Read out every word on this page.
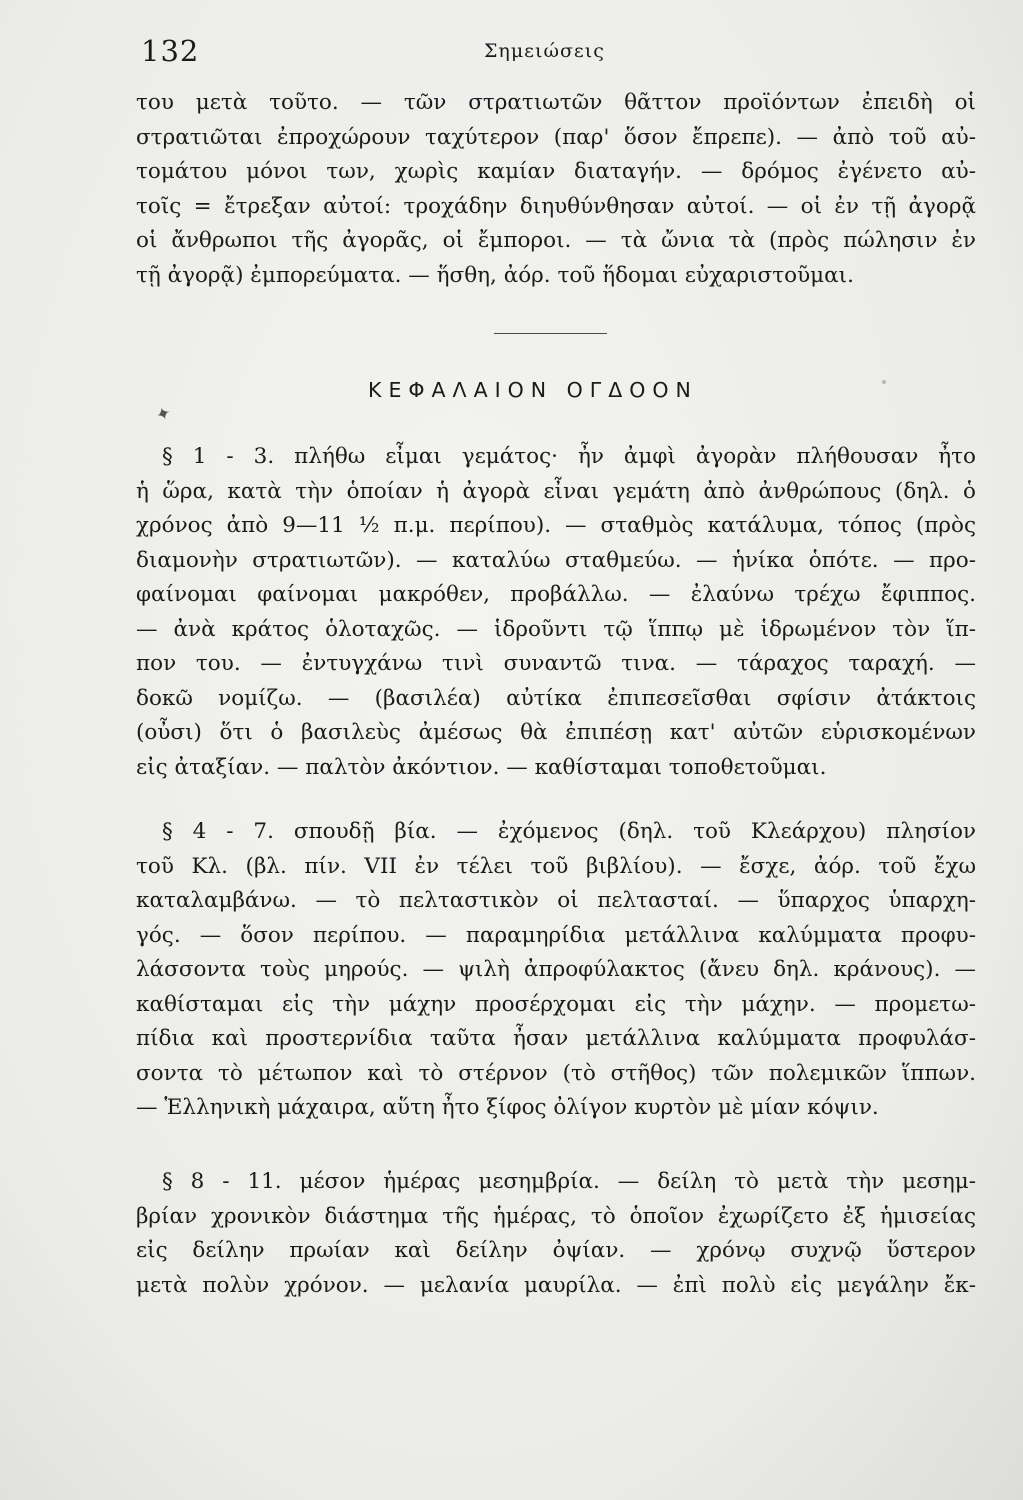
132	Σημειώσεις
του μετὰ τοῦτο. — τῶν στρατιωτῶν θᾶττον προϊόντων ἐπειδὴ οἱ
στρατιῶται ἐπροχώρουν ταχύτερον (παρ' ὅσον ἔπρεπε). — ἀπὸ τοῦ αὐ-
τομάτου μόνοι των, χωρὶς καμίαν διαταγήν. — δρόμος ἐγένετο αὐ-
τοῖς = ἔτρεξαν αὐτοί: τροχάδην διηυθύνθησαν αὐτοί. — οἱ ἐν τῇ ἀγορᾷ
οἱ ἄνθρωποι τῆς ἀγορᾶς, οἱ ἔμποροι. — τὰ ὤνια τὰ (πρὸς πώλησιν ἐν
τῇ ἀγορᾷ) ἐμπορεύματα. — ἥσθη, ἀόρ. τοῦ ἥδομαι εὐχαριστοῦμαι.
ΚΕΦΑΛΑΙΟΝ ΟΓΔΟΟΝ
✦
§ 1 - 3. πλήθω εἶμαι γεμάτος· ἦν ἀμφὶ ἀγορὰν πλήθουσαν ἦτο
ἡ ὥρα, κατὰ τὴν ὁποίαν ἡ ἀγορὰ εἶναι γεμάτη ἀπὸ ἀνθρώπους (δηλ. ὁ
χρόνος ἀπὸ 9—11 ½ π.μ. περίπου). — σταθμὸς κατάλυμα, τόπος (πρὸς
διαμονὴν στρατιωτῶν). — καταλύω σταθμεύω. — ἡνίκα ὁπότε. — προ-
φαίνομαι φαίνομαι μακρόθεν, προβάλλω. — ἐλαύνω τρέχω ἔφιππος.
— ἀνὰ κράτος ὁλοταχῶς. — ἱδροῦντι τῷ ἵππῳ μὲ ἱδρωμένον τὸν ἵπ-
πον του. — ἐντυγχάνω τινὶ συναντῶ τινα. — τάραχος ταραχή. —
δοκῶ νομίζω. — (βασιλέα) αὐτίκα ἐπιπεσεῖσθαι σφίσιν ἀτάκτοις
(οὖσι) ὅτι ὁ βασιλεὺς ἀμέσως θὰ ἐπιπέσῃ κατ' αὐτῶν εὑρισκομένων
εἰς ἀταξίαν. — παλτὸν ἀκόντιον. — καθίσταμαι τοποθετοῦμαι.
§ 4 - 7. σπουδῇ βία. — ἐχόμενος (δηλ. τοῦ Κλεάρχου) πλησίον
τοῦ Κλ. (βλ. πίν. VII ἐν τέλει τοῦ βιβλίου). — ἔσχε, ἀόρ. τοῦ ἔχω
καταλαμβάνω. — τὸ πελταστικὸν οἱ πελτασταί. — ὕπαρχος ὑπαρχη-
γός. — ὅσον περίπου. — παραμηρίδια μετάλλινα καλύμματα προφυ-
λάσσοντα τοὺς μηρούς. — ψιλὴ ἀπροφύλακτος (ἄνευ δηλ. κράνους). —
καθίσταμαι εἰς τὴν μάχην προσέρχομαι εἰς τὴν μάχην. — προμετω-
πίδια καὶ προστερνίδια ταῦτα ἦσαν μετάλλινα καλύμματα προφυλάσ-
σοντα τὸ μέτωπον καὶ τὸ στέρνον (τὸ στῆθος) τῶν πολεμικῶν ἵππων.
— Ἑλληνικὴ μάχαιρα, αὕτη ἦτο ξίφος ὀλίγον κυρτὸν μὲ μίαν κόψιν.
§ 8 - 11. μέσον ἡμέρας μεσημβρία. — δείλη τὸ μετὰ τὴν μεσημ-
βρίαν χρονικὸν διάστημα τῆς ἡμέρας, τὸ ὁποῖον ἐχωρίζετο ἐξ ἡμισείας
εἰς δείλην πρωίαν καὶ δείλην ὀψίαν. — χρόνῳ συχνῷ ὕστερον
μετὰ πολὺν χρόνον. — μελανία μαυρίλα. — ἐπὶ πολὺ εἰς μεγάλην ἔκ-
